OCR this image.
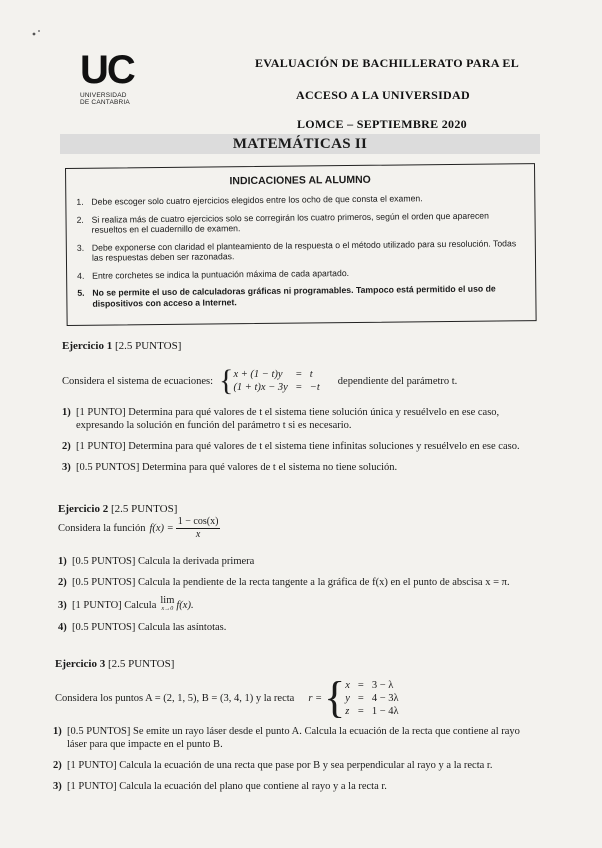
UC
UNIVERSIDAD
DE CANTABRIA
EVALUACIÓN DE BACHILLERATO PARA EL
ACCESO A LA UNIVERSIDAD
LOMCE – SEPTIEMBRE 2020
MATEMÁTICAS II
INDICACIONES AL ALUMNO
1. Debe escoger solo cuatro ejercicios elegidos entre los ocho de que consta el examen.
2. Si realiza más de cuatro ejercicios solo se corregirán los cuatro primeros, según el orden que aparecen resueltos en el cuadernillo de examen.
3. Debe exponerse con claridad el planteamiento de la respuesta o el método utilizado para su resolución. Todas las respuestas deben ser razonadas.
4. Entre corchetes se indica la puntuación máxima de cada apartado.
5. No se permite el uso de calculadoras gráficas ni programables. Tampoco está permitido el uso de dispositivos con acceso a Internet.
Ejercicio 1 [2.5 PUNTOS]
Considera el sistema de ecuaciones: { x + (1 − t)y	= t
(1 + t)x − 3y = −t
dependiente del parámetro t.
1) [1 PUNTO] Determina para qué valores de t el sistema tiene solución única y resuélvelo en ese caso, expresando la solución en función del parámetro t si es necesario.
2) [1 PUNTO] Determina para qué valores de t el sistema tiene infinitas soluciones y resuélvelo en ese caso.
3) [0.5 PUNTOS] Determina para qué valores de t el sistema no tiene solución.
Ejercicio 2 [2.5 PUNTOS]
Considera la función $f(x) = \frac{1 - \cos(x)}{x}$
1) [0.5 PUNTOS] Calcula la derivada primera
2) [0.5 PUNTOS] Calcula la pendiente de la recta tangente a la gráfica de f(x) en el punto de abscisa x = π.
3) [1 PUNTO] Calcula lim
x→0 f(x).
4) [0.5 PUNTOS] Calcula las asíntotas.
Ejercicio 3 [2.5 PUNTOS]
Considera los puntos A = (2, 1, 5), B = (3, 4, 1) y la recta r = { x = 3 − λ
y = 4 − 3λ
z = 1 − 4λ
1) [0.5 PUNTOS] Se emite un rayo láser desde el punto A. Calcula la ecuación de la recta que contiene al rayo láser para que impacte en el punto B.
2) [1 PUNTO] Calcula la ecuación de una recta que pase por B y sea perpendicular al rayo y a la recta r.
3) [1 PUNTO] Calcula la ecuación del plano que contiene al rayo y a la recta r.
